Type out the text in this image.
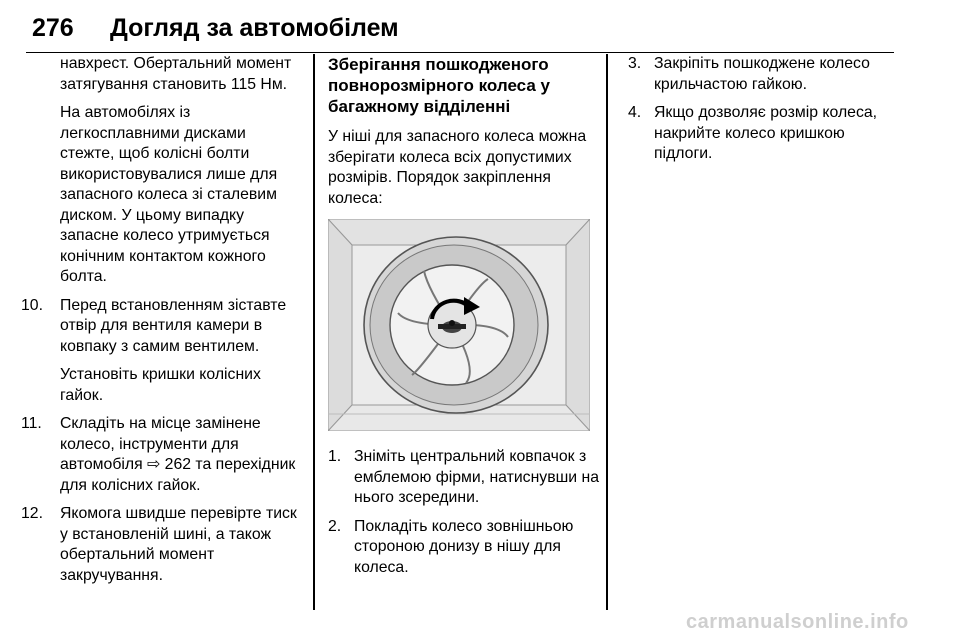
276 Догляд за автомобілем

навхрест. Обертальний момент затягування становить 115 Нм.

На автомобілях із легкосплавними дисками стежте, щоб колісні болти використовувалися лише для запасного колеса зі сталевим диском. У цьому випадку запасне колесо утримується конічним контактом кожного болта.

10. Перед встановленням зіставте отвір для вентиля камери в ковпаку з самим вентилем.

Установіть кришки колісних гайок.

11. Складіть на місце замінене колесо, інструменти для автомобіля ⇨ 262 та перехідник для колісних гайок.

12. Якомога швидше перевірте тиск у встановленій шині, а також обертальний момент закручування.

Зберігання пошкодженого повнорозмірного колеса у багажному відділенні

У ніші для запасного колеса можна зберігати колеса всіх допустимих розмірів. Порядок закріплення колеса:

1. Зніміть центральний ковпачок з емблемою фірми, натиснувши на нього зсередини.

2. Покладіть колесо зовнішньою стороною донизу в нішу для колеса.

3. Закріпіть пошкоджене колесо крильчастою гайкою.

4. Якщо дозволяє розмір колеса, накрийте колесо кришкою підлоги.

carmanualsonline.info
